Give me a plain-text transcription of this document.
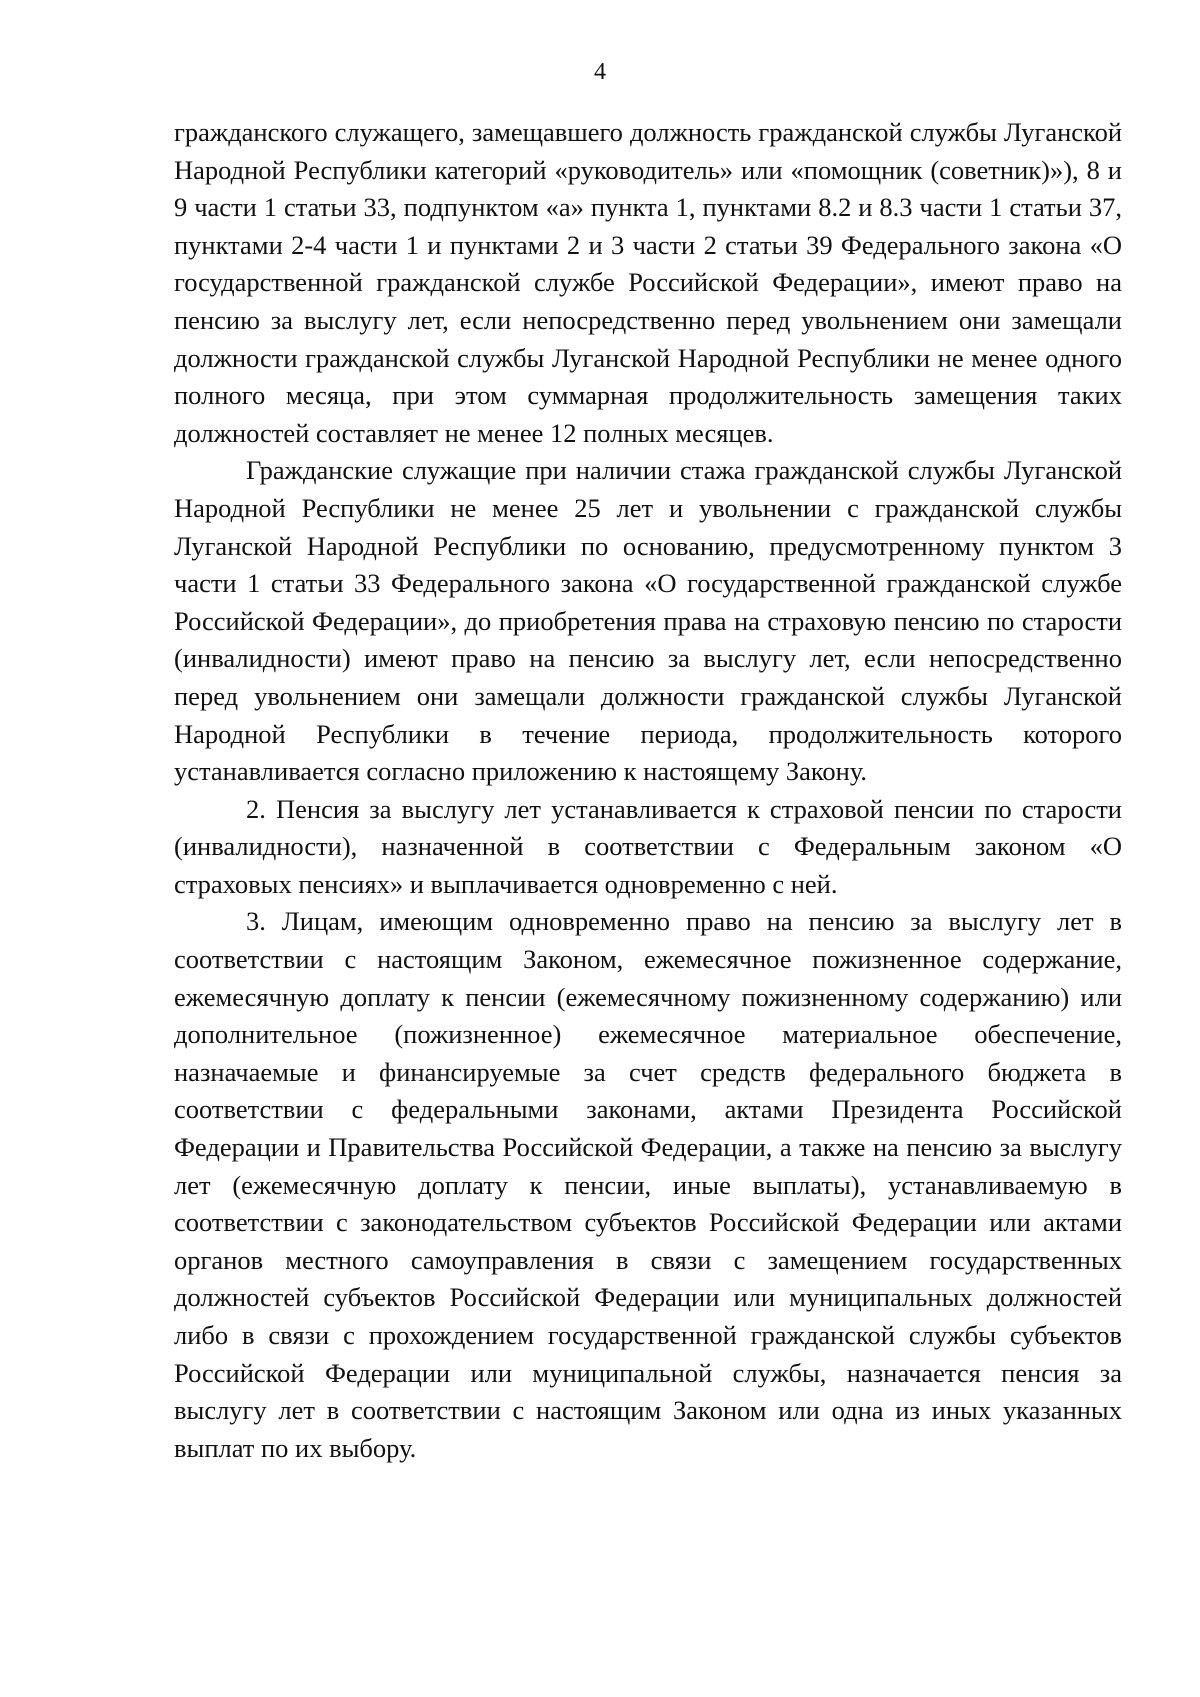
4

гражданского служащего, замещавшего должность гражданской службы Луганской Народной Республики категорий «руководитель» или «помощник (советник)»), 8 и 9 части 1 статьи 33, подпунктом «а» пункта 1, пунктами 8.2 и 8.3 части 1 статьи 37, пунктами 2-4 части 1 и пунктами 2 и 3 части 2 статьи 39 Федерального закона «О государственной гражданской службе Российской Федерации», имеют право на пенсию за выслугу лет, если непосредственно перед увольнением они замещали должности гражданской службы Луганской Народной Республики не менее одного полного месяца, при этом суммарная продолжительность замещения таких должностей составляет не менее 12 полных месяцев.

Гражданские служащие при наличии стажа гражданской службы Луганской Народной Республики не менее 25 лет и увольнении с гражданской службы Луганской Народной Республики по основанию, предусмотренному пунктом 3 части 1 статьи 33 Федерального закона «О государственной гражданской службе Российской Федерации», до приобретения права на страховую пенсию по старости (инвалидности) имеют право на пенсию за выслугу лет, если непосредственно перед увольнением они замещали должности гражданской службы Луганской Народной Республики в течение периода, продолжительность которого устанавливается согласно приложению к настоящему Закону.

2. Пенсия за выслугу лет устанавливается к страховой пенсии по старости (инвалидности), назначенной в соответствии с Федеральным законом «О страховых пенсиях» и выплачивается одновременно с ней.

3. Лицам, имеющим одновременно право на пенсию за выслугу лет в соответствии с настоящим Законом, ежемесячное пожизненное содержание, ежемесячную доплату к пенсии (ежемесячному пожизненному содержанию) или дополнительное (пожизненное) ежемесячное материальное обеспечение, назначаемые и финансируемые за счет средств федерального бюджета в соответствии с федеральными законами, актами Президента Российской Федерации и Правительства Российской Федерации, а также на пенсию за выслугу лет (ежемесячную доплату к пенсии, иные выплаты), устанавливаемую в соответствии с законодательством субъектов Российской Федерации или актами органов местного самоуправления в связи с замещением государственных должностей субъектов Российской Федерации или муниципальных должностей либо в связи с прохождением государственной гражданской службы субъектов Российской Федерации или муниципальной службы, назначается пенсия за выслугу лет в соответствии с настоящим Законом или одна из иных указанных выплат по их выбору.
